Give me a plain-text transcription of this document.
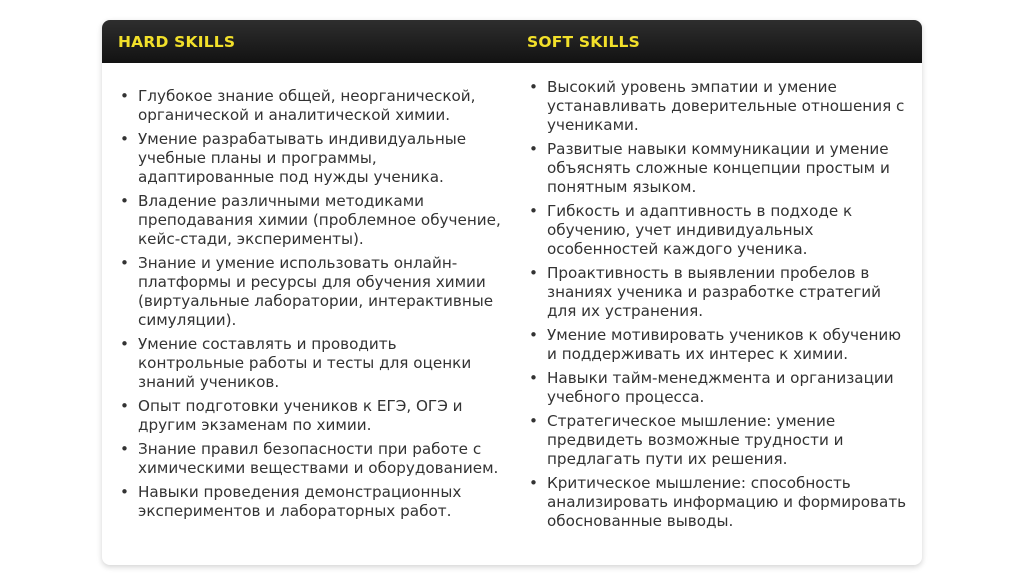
HARD SKILLS	SOFT SKILLS
• Глубокое знание общей, неорганической, органической и аналитической химии.
• Умение разрабатывать индивидуальные учебные планы и программы, адаптированные под нужды ученика.
• Владение различными методиками преподавания химии (проблемное обучение, кейс-стади, эксперименты).
• Знание и умение использовать онлайн-платформы и ресурсы для обучения химии (виртуальные лаборатории, интерактивные симуляции).
• Умение составлять и проводить контрольные работы и тесты для оценки знаний учеников.
• Опыт подготовки учеников к ЕГЭ, ОГЭ и другим экзаменам по химии.
• Знание правил безопасности при работе с химическими веществами и оборудованием.
• Навыки проведения демонстрационных экспериментов и лабораторных работ.
• Высокий уровень эмпатии и умение устанавливать доверительные отношения с учениками.
• Развитые навыки коммуникации и умение объяснять сложные концепции простым и понятным языком.
• Гибкость и адаптивность в подходе к обучению, учет индивидуальных особенностей каждого ученика.
• Проактивность в выявлении пробелов в знаниях ученика и разработке стратегий для их устранения.
• Умение мотивировать учеников к обучению и поддерживать их интерес к химии.
• Навыки тайм-менеджмента и организации учебного процесса.
• Стратегическое мышление: умение предвидеть возможные трудности и предлагать пути их решения.
• Критическое мышление: способность анализировать информацию и формировать обоснованные выводы.
